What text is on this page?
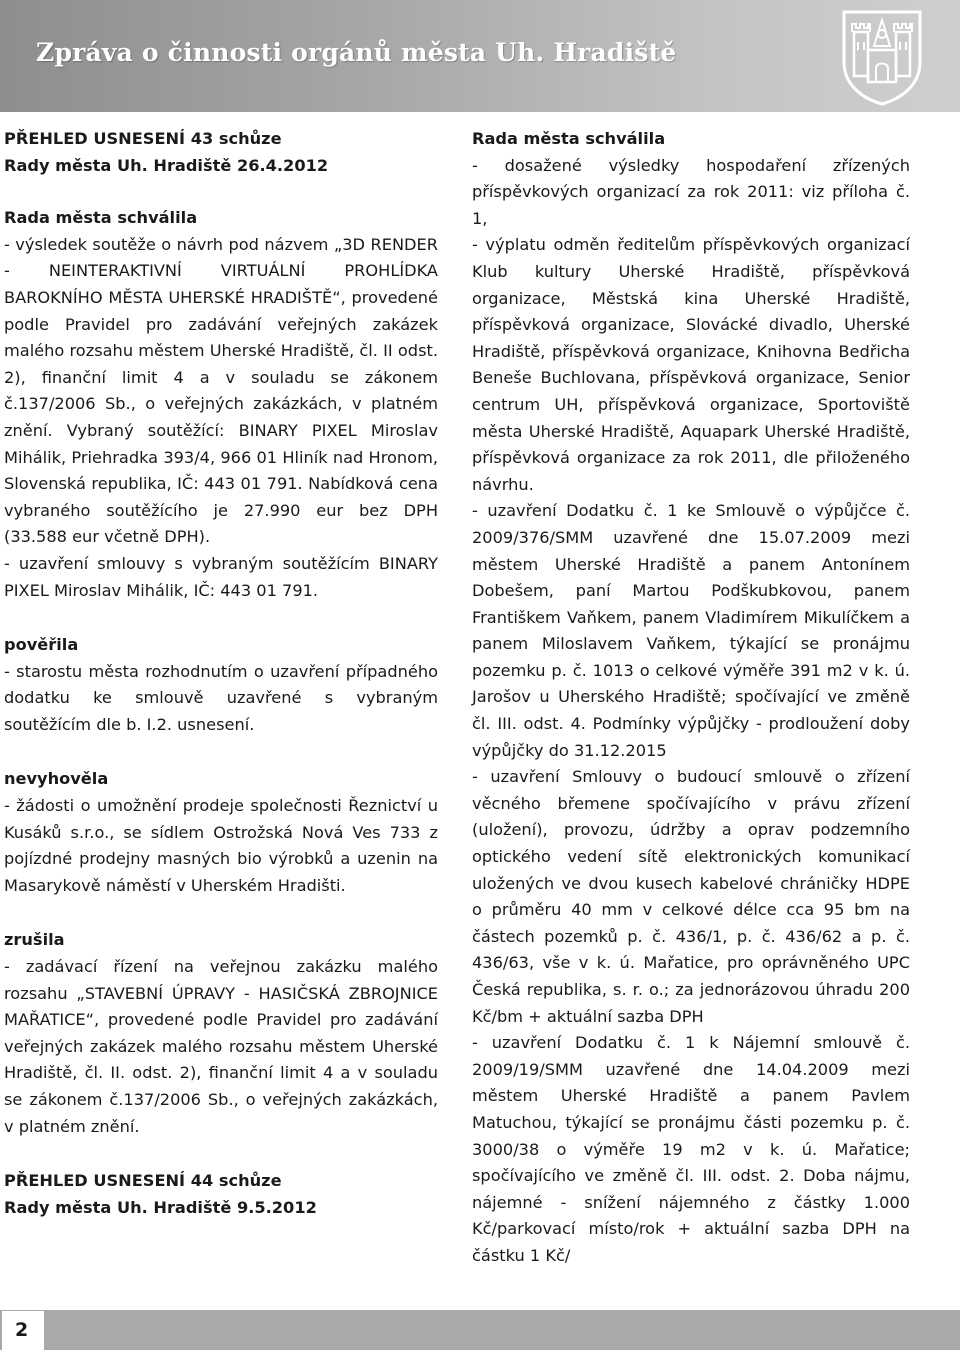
Zpráva o činnosti orgánů města Uh. Hradiště

PŘEHLED USNESENÍ 43 schůze

Rady města Uh. Hradiště 26.4.2012

Rada města schválila

- výsledek soutěže o návrh pod názvem „3D RENDER - NEINTERAKTIVNÍ VIRTUÁLNÍ PROHLÍDKA BAROKNÍHO MĚSTA UHERSKÉ HRADIŠTĚ“, provedené podle Pravidel pro zadávání veřejných zakázek malého rozsahu městem Uherské Hradiště, čl. II odst. 2), finanční limit 4 a v souladu se zákonem č.137/2006 Sb., o veřejných zakázkách, v platném znění. Vybraný soutěžící: BINARY PIXEL Miroslav Mihálik, Priehradka 393/4, 966 01 Hliník nad Hronom, Slovenská republika, IČ: 443 01 791. Nabídková cena vybraného soutěžícího je 27.990 eur bez DPH (33.588 eur včetně DPH).

- uzavření smlouvy s vybraným soutěžícím BINARY PIXEL Miroslav Mihálik, IČ: 443 01 791.

pověřila

- starostu města rozhodnutím o uzavření případného dodatku ke smlouvě uzavřené s vybraným soutěžícím dle b. I.2. usnesení.

nevyhověla

- žádosti o umožnění prodeje společnosti Řeznictví u Kusáků s.r.o., se sídlem Ostrožská Nová Ves 733 z pojízdné prodejny masných bio výrobků a uzenin na Masarykově náměstí v Uherském Hradišti.

zrušila

- zadávací řízení na veřejnou zakázku malého rozsahu „STAVEBNÍ ÚPRAVY - HASIČSKÁ ZBROJNICE MAŘATICE“, provedené podle Pravidel pro zadávání veřejných zakázek malého rozsahu městem Uherské Hradiště, čl. II. odst. 2), finanční limit 4 a v souladu se zákonem č.137/2006 Sb., o veřejných zakázkách, v platném znění.

PŘEHLED USNESENÍ 44 schůze

Rady města Uh. Hradiště 9.5.2012

Rada města schválila

- dosažené výsledky hospodaření zřízených příspěvkových organizací za rok 2011: viz příloha č. 1,

- výplatu odměn ředitelům příspěvkových organizací Klub kultury Uherské Hradiště, příspěvková organizace, Městská kina Uherské Hradiště, příspěvková organizace, Slovácké divadlo, Uherské Hradiště, příspěvková organizace, Knihovna Bedřicha Beneše Buchlovana, příspěvková organizace, Senior centrum UH, příspěvková organizace, Sportoviště města Uherské Hradiště, Aquapark Uherské Hradiště, příspěvková organizace za rok 2011, dle přiloženého návrhu.

- uzavření Dodatku č. 1 ke Smlouvě o výpůjčce č. 2009/376/SMM uzavřené dne 15.07.2009 mezi městem Uherské Hradiště a panem Antonínem Dobešem, paní Martou Podškubkovou, panem Františkem Vaňkem, panem Vladimírem Mikulíčkem a panem Miloslavem Vaňkem, týkající se pronájmu pozemku p. č. 1013 o celkové výměře 391 m2 v k. ú. Jarošov u Uherského Hradiště; spočívající ve změně čl. III. odst. 4. Podmínky výpůjčky - prodloužení doby výpůjčky do 31.12.2015

- uzavření Smlouvy o budoucí smlouvě o zřízení věcného břemene spočívajícího v právu zřízení (uložení), provozu, údržby a oprav podzemního optického vedení sítě elektronických komunikací uložených ve dvou kusech kabelové chráničky HDPE o průměru 40 mm v celkové délce cca 95 bm na částech pozemků p. č. 436/1, p. č. 436/62 a p. č. 436/63, vše v k. ú. Mařatice, pro oprávněného UPC Česká republika, s. r. o.; za jednorázovou úhradu 200 Kč/bm + aktuální sazba DPH

- uzavření Dodatku č. 1 k Nájemní smlouvě č. 2009/19/SMM uzavřené dne 14.04.2009 mezi městem Uherské Hradiště a panem Pavlem Matuchou, týkající se pronájmu části pozemku p. č. 3000/38 o výměře 19 m2 v k. ú. Mařatice; spočívajícího ve změně čl. III. odst. 2. Doba nájmu, nájemné - snížení nájemného z částky 1.000 Kč/parkovací místo/rok + aktuální sazba DPH na částku 1 Kč/

2
